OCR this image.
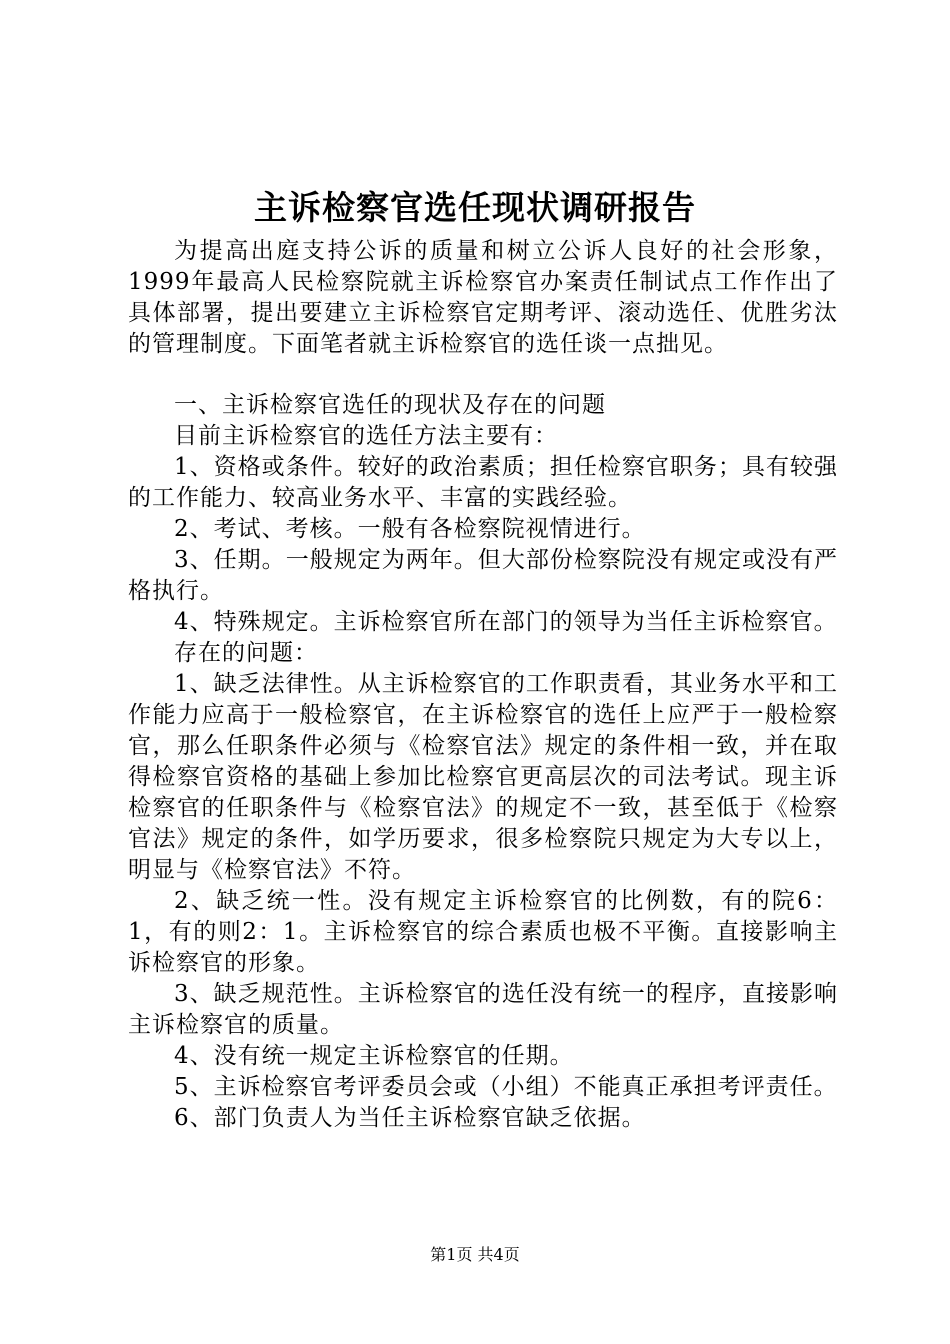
主诉检察官选任现状调研报告

为提高出庭支持公诉的质量和树立公诉人良好的社会形象，1999年最高人民检察院就主诉检察官办案责任制试点工作作出了具体部署，提出要建立主诉检察官定期考评、滚动选任、优胜劣汰的管理制度。下面笔者就主诉检察官的选任谈一点拙见。

一、主诉检察官选任的现状及存在的问题

目前主诉检察官的选任方法主要有：

1、资格或条件。较好的政治素质；担任检察官职务；具有较强的工作能力、较高业务水平、丰富的实践经验。

2、考试、考核。一般有各检察院视情进行。

3、任期。一般规定为两年。但大部份检察院没有规定或没有严格执行。

4、特殊规定。主诉检察官所在部门的领导为当任主诉检察官。

存在的问题：

1、缺乏法律性。从主诉检察官的工作职责看，其业务水平和工作能力应高于一般检察官，在主诉检察官的选任上应严于一般检察官，那么任职条件必须与《检察官法》规定的条件相一致，并在取得检察官资格的基础上参加比检察官更高层次的司法考试。现主诉检察官的任职条件与《检察官法》的规定不一致，甚至低于《检察官法》规定的条件，如学历要求，很多检察院只规定为大专以上，明显与《检察官法》不符。

2、缺乏统一性。没有规定主诉检察官的比例数，有的院6：1，有的则2：1。主诉检察官的综合素质也极不平衡。直接影响主诉检察官的形象。

3、缺乏规范性。主诉检察官的选任没有统一的程序，直接影响主诉检察官的质量。

4、没有统一规定主诉检察官的任期。

5、主诉检察官考评委员会或（小组）不能真正承担考评责任。

6、部门负责人为当任主诉检察官缺乏依据。

第1页 共4页
